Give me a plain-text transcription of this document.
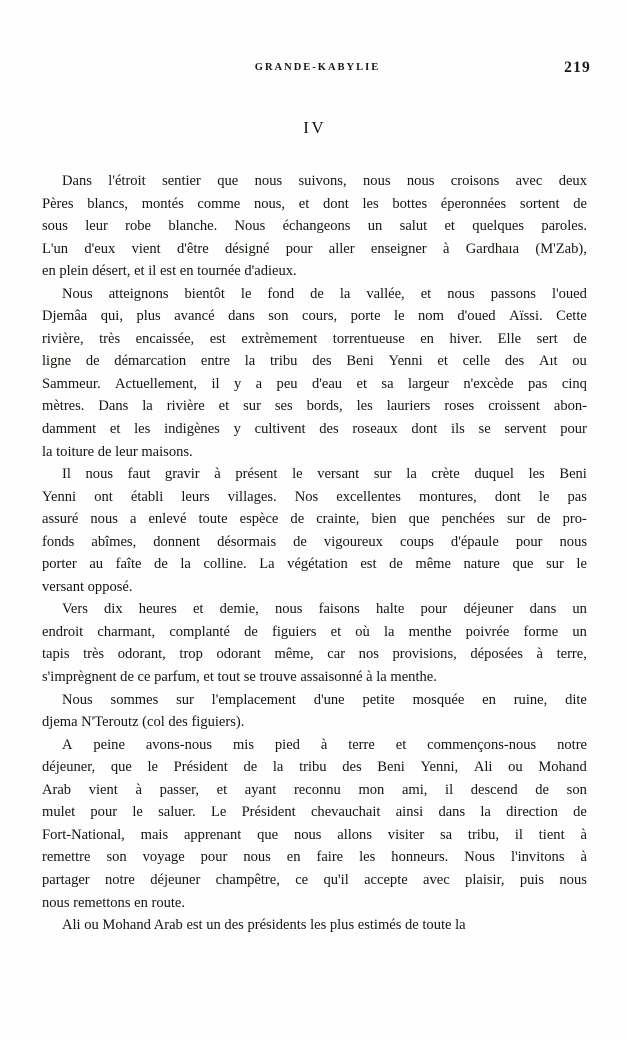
GRANDE-KABYLIE	219
IV

Dans l'étroit sentier que nous suivons, nous nous croisons avec deux
Pères blancs, montés comme nous, et dont les bottes éperonnées sortent de
sous leur robe blanche. Nous échangeons un salut et quelques paroles.
L'un d'eux vient d'être désigné pour aller enseigner à Gardhaıa (M'Zab),
en plein désert, et il est en tournée d'adieux.

Nous atteignons bientôt le fond de la vallée, et nous passons l'oued
Djemâa qui, plus avancé dans son cours, porte le nom d'oued Aïssi. Cette
rivière, très encaissée, est extrèmement torrentueuse en hiver. Elle sert de
ligne de démarcation entre la tribu des Beni Yenni et celle des Aıt ou
Sammeur. Actuellement, il y a peu d'eau et sa largeur n'excède pas cinq
mètres. Dans la rivière et sur ses bords, les lauriers roses croissent abon-
damment et les indigènes y cultivent des roseaux dont ils se servent pour
la toiture de leur maisons.

Il nous faut gravir à présent le versant sur la crète duquel les Beni
Yenni ont établi leurs villages. Nos excellentes montures, dont le pas
assuré nous a enlevé toute espèce de crainte, bien que penchées sur de pro-
fonds abîmes, donnent désormais de vigoureux coups d'épaule pour nous
porter au faîte de la colline. La végétation est de même nature que sur le
versant opposé.

Vers dix heures et demie, nous faisons halte pour déjeuner dans un
endroit charmant, complanté de figuiers et où la menthe poivrée forme un
tapis très odorant, trop odorant même, car nos provisions, déposées à terre,
s'imprègnent de ce parfum, et tout se trouve assaisonné à la menthe.

Nous sommes sur l'emplacement d'une petite mosquée en ruine, dite
djema N'Teroutz (col des figuiers).

A peine avons-nous mis pied à terre et commençons-nous notre
déjeuner, que le Président de la tribu des Beni Yenni, Ali ou Mohand
Arab vient à passer, et ayant reconnu mon ami, il descend de son
mulet pour le saluer. Le Président chevauchait ainsi dans la direction de
Fort-National, mais apprenant que nous allons visiter sa tribu, il tient à
remettre son voyage pour nous en faire les honneurs. Nous l'invitons à
partager notre déjeuner champêtre, ce qu'il accepte avec plaisir, puis nous
nous remettons en route.

Ali ou Mohand Arab est un des présidents les plus estimés de toute la
